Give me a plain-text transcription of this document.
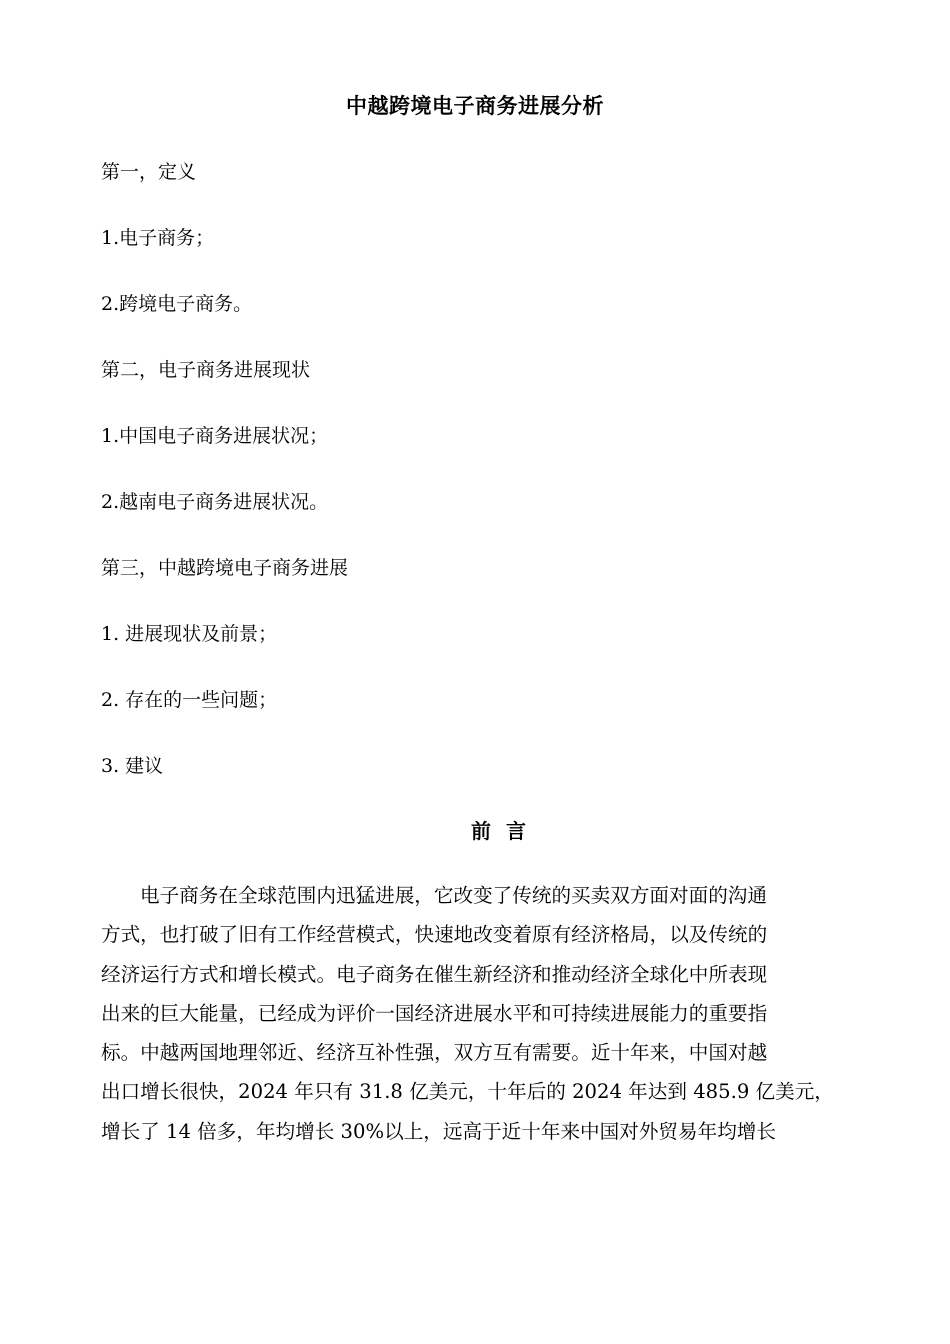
中越跨境电子商务进展分析
第一，定义
1.电子商务；
2.跨境电子商务。
第二，电子商务进展现状
1.中国电子商务进展状况；
2.越南电子商务进展状况。
第三，中越跨境电子商务进展
1. 进展现状及前景；
2. 存在的一些问题；
3. 建议
前 言
电子商务在全球范围内迅猛进展，它改变了传统的买卖双方面对面的沟通
方式，也打破了旧有工作经营模式，快速地改变着原有经济格局，以及传统的
经济运行方式和增长模式。电子商务在催生新经济和推动经济全球化中所表现
出来的巨大能量，已经成为评价一国经济进展水平和可持续进展能力的重要指
标。中越两国地理邻近、经济互补性强，双方互有需要。近十年来，中国对越
出口增长很快，2024 年只有 31.8 亿美元，十年后的 2024 年达到 485.9 亿美元，
增长了 14 倍多，年均增长 30%以上，远高于近十年来中国对外贸易年均增长
